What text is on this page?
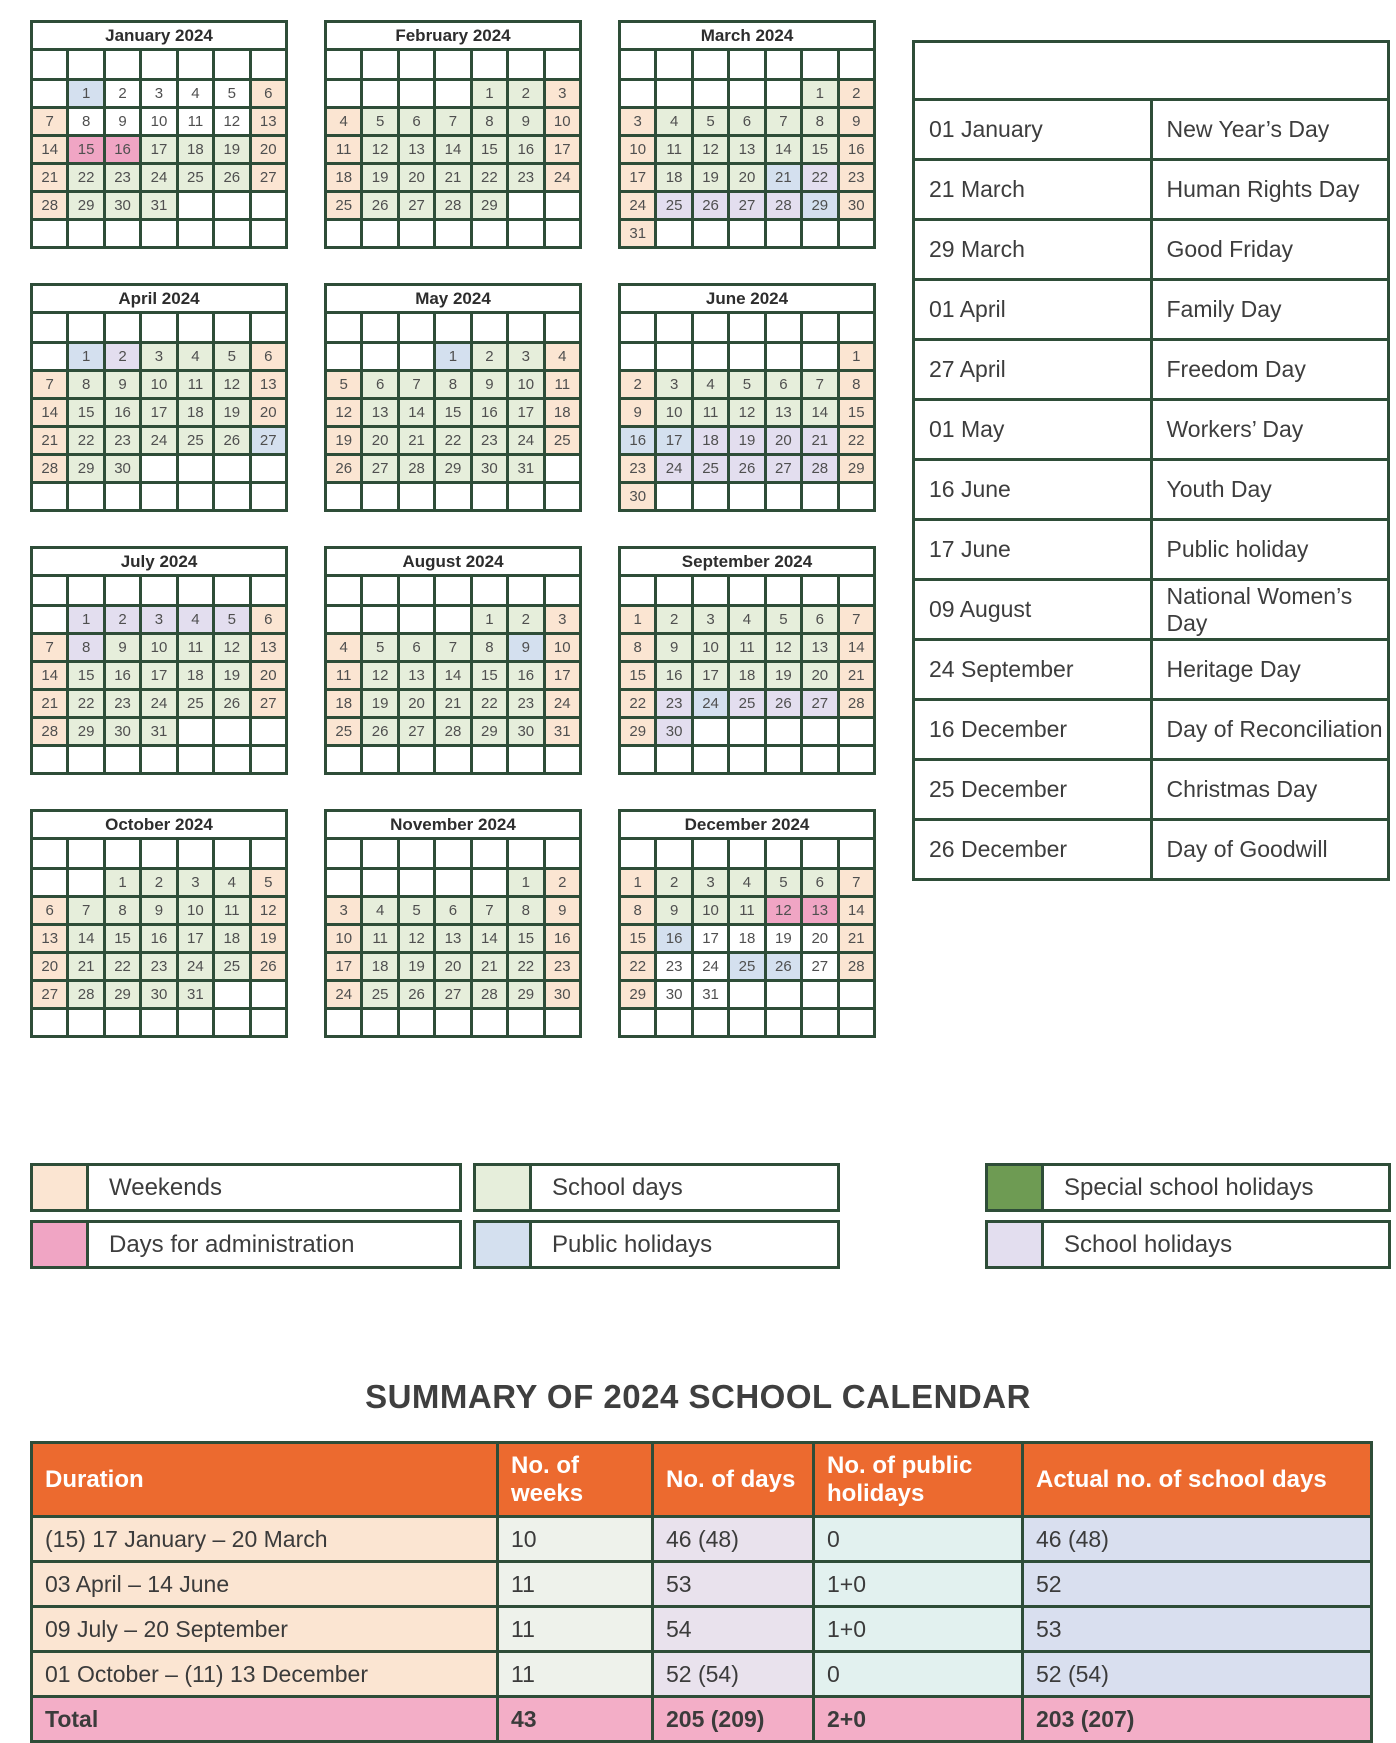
January 2024						
S	M	T	W	T	F	S
	1	2	3	4	5	6
7	8	9	10	11	12	13
14	15	16	17	18	19	20
21	22	23	24	25	26	27
28	29	30	31			

February 2024						
S	M	T	W	T	F	S
				1	2	3
4	5	6	7	8	9	10
11	12	13	14	15	16	17
18	19	20	21	22	23	24
25	26	27	28	29		

March 2024						
S	M	T	W	T	F	S
					1	2
3	4	5	6	7	8	9
10	11	12	13	14	15	16
17	18	19	20	21	22	23
24	25	26	27	28	29	30
31						
April 2024						
S	M	T	W	T	F	S
	1	2	3	4	5	6
7	8	9	10	11	12	13
14	15	16	17	18	19	20
21	22	23	24	25	26	27
28	29	30				

May 2024						
S	M	T	W	T	F	S
			1	2	3	4
5	6	7	8	9	10	11
12	13	14	15	16	17	18
19	20	21	22	23	24	25
26	27	28	29	30	31	

June 2024						
S	M	T	W	T	F	S
						1
2	3	4	5	6	7	8
9	10	11	12	13	14	15
16	17	18	19	20	21	22
23	24	25	26	27	28	29
30						
July 2024						
S	M	T	W	T	F	S
	1	2	3	4	5	6
7	8	9	10	11	12	13
14	15	16	17	18	19	20
21	22	23	24	25	26	27
28	29	30	31			

August 2024						
S	M	T	W	T	F	S
				1	2	3
4	5	6	7	8	9	10
11	12	13	14	15	16	17
18	19	20	21	22	23	24
25	26	27	28	29	30	31

September 2024						
S	M	T	W	T	F	S
1	2	3	4	5	6	7
8	9	10	11	12	13	14
15	16	17	18	19	20	21
22	23	24	25	26	27	28
29	30					

October 2024						
S	M	T	W	T	F	S
		1	2	3	4	5
6	7	8	9	10	11	12
13	14	15	16	17	18	19
20	21	22	23	24	25	26
27	28	29	30	31		

November 2024						
S	M	T	W	T	F	S
					1	2
3	4	5	6	7	8	9
10	11	12	13	14	15	16
17	18	19	20	21	22	23
24	25	26	27	28	29	30

December 2024						
S	M	T	W	T	F	S
1	2	3	4	5	6	7
8	9	10	11	12	13	14
15	16	17	18	19	20	21
22	23	24	25	26	27	28
29	30	31				

Public and School Holidays 2024	
01 January	New Year’s Day
21 March	Human Rights Day
29 March	Good Friday
01 April	Family Day
27 April	Freedom Day
01 May	Workers’ Day
16 June	Youth Day
17 June	Public holiday
09 August	National Women’s Day
24 September	Heritage Day
16 December	Day of Reconciliation
25 December	Christmas Day
26 December	Day of Goodwill
Weekends
Days for administration
School days
Public holidays
Special school holidays
School holidays
SUMMARY OF 2024 SCHOOL CALENDAR
Duration	No. of weeks	No. of days	No. of public holidays	Actual no. of school days
(15) 17 January – 20 March	10	46 (48)	0	46 (48)
03 April – 14 June	11	53	1+0	52
09 July – 20 September	11	54	1+0	53
01 October – (11) 13 December	11	52 (54)	0	52 (54)
Total	43	205 (209)	2+0	203 (207)
